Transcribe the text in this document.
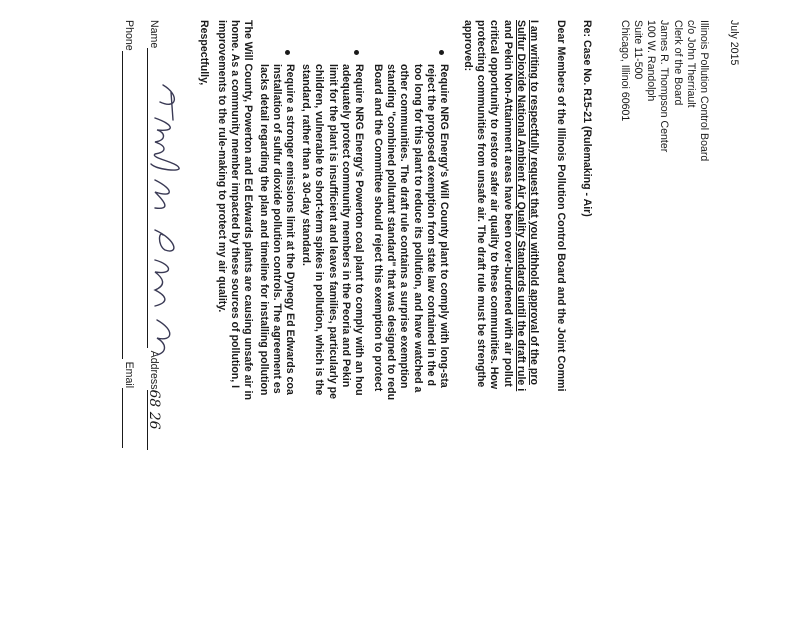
July 2015

Illinois Pollution Control Board

c/o John Therriault

Clerk of the Board

James R. Thompson Center

100 W. Randolph

Suite 11-500

Chicago, Illinoi 60601

Re: Case No. R15-21 (Rulemaking - Air)
Dear Members of the Illinois Pollution Control Board and the Joint Commi

I am writing to respectfully request that you withhold approval of the pro

Sulfur Dioxide National Ambient Air Quality Standards until the draft rule i

and Pekin Non-Attainment areas have been over-burdened with air pollut

critical opportunity to restore safer air quality to these communities. How

protecting communities from unsafe air. The draft rule must be strengthe

approved:

Require NRG Energy's Will County plant to comply with long-sta

reject the proposed exemption from state law contained in the d

too long for this plant to reduce its pollution, and have watched a

other communities. The draft rule contains a surprise exemption

standing "combined pollutant standard" that was designed to redu

Board and the Committee should reject this exemption to protect

Require NRG Energy's Powerton coal plant to comply with an hou

adequately protect community members in the Peoria and Pekin

limit for the plant is insufficient and leaves families, particularly pe

children, vulnerable to short-term spikes in pollution, which is the

standard, rather than a 30-day standard.

Require a stronger emissions limit at the Dynegy Ed Edwards coa

installation of sulfur dioxide pollution controls. The agreement es

lacks detail regarding the plan and timeline for installing pollution

The Will County, Powerton and Ed Edwards plants are causing unsafe air in

home. As a community member impacted by these sources of pollution, I

improvements to the rule-making to protect my air quality.

Respectfully,
Name Address68 26
Phone Email
